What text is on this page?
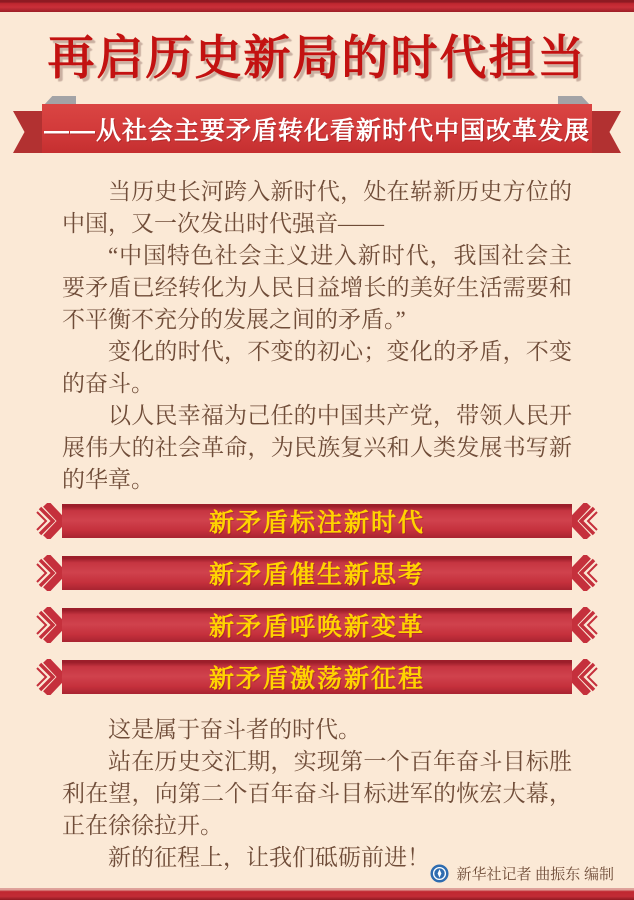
再启历史新局的时代担当
——从社会主要矛盾转化看新时代中国改革发展

当历史长河跨入新时代，处在崭新历史方位的中国，又一次发出时代强音——

“中国特色社会主义进入新时代，我国社会主要矛盾已经转化为人民日益增长的美好生活需要和不平衡不充分的发展之间的矛盾。”

变化的时代，不变的初心；变化的矛盾，不变的奋斗。

以人民幸福为己任的中国共产党，带领人民开展伟大的社会革命，为民族复兴和人类发展书写新的华章。

新矛盾标注新时代
新矛盾催生新思考
新矛盾呼唤新变革
新矛盾激荡新征程

这是属于奋斗者的时代。

站在历史交汇期，实现第一个百年奋斗目标胜利在望，向第二个百年奋斗目标进军的恢宏大幕，正在徐徐拉开。

新的征程上，让我们砥砺前进！

新华社记者 曲振东 编制
